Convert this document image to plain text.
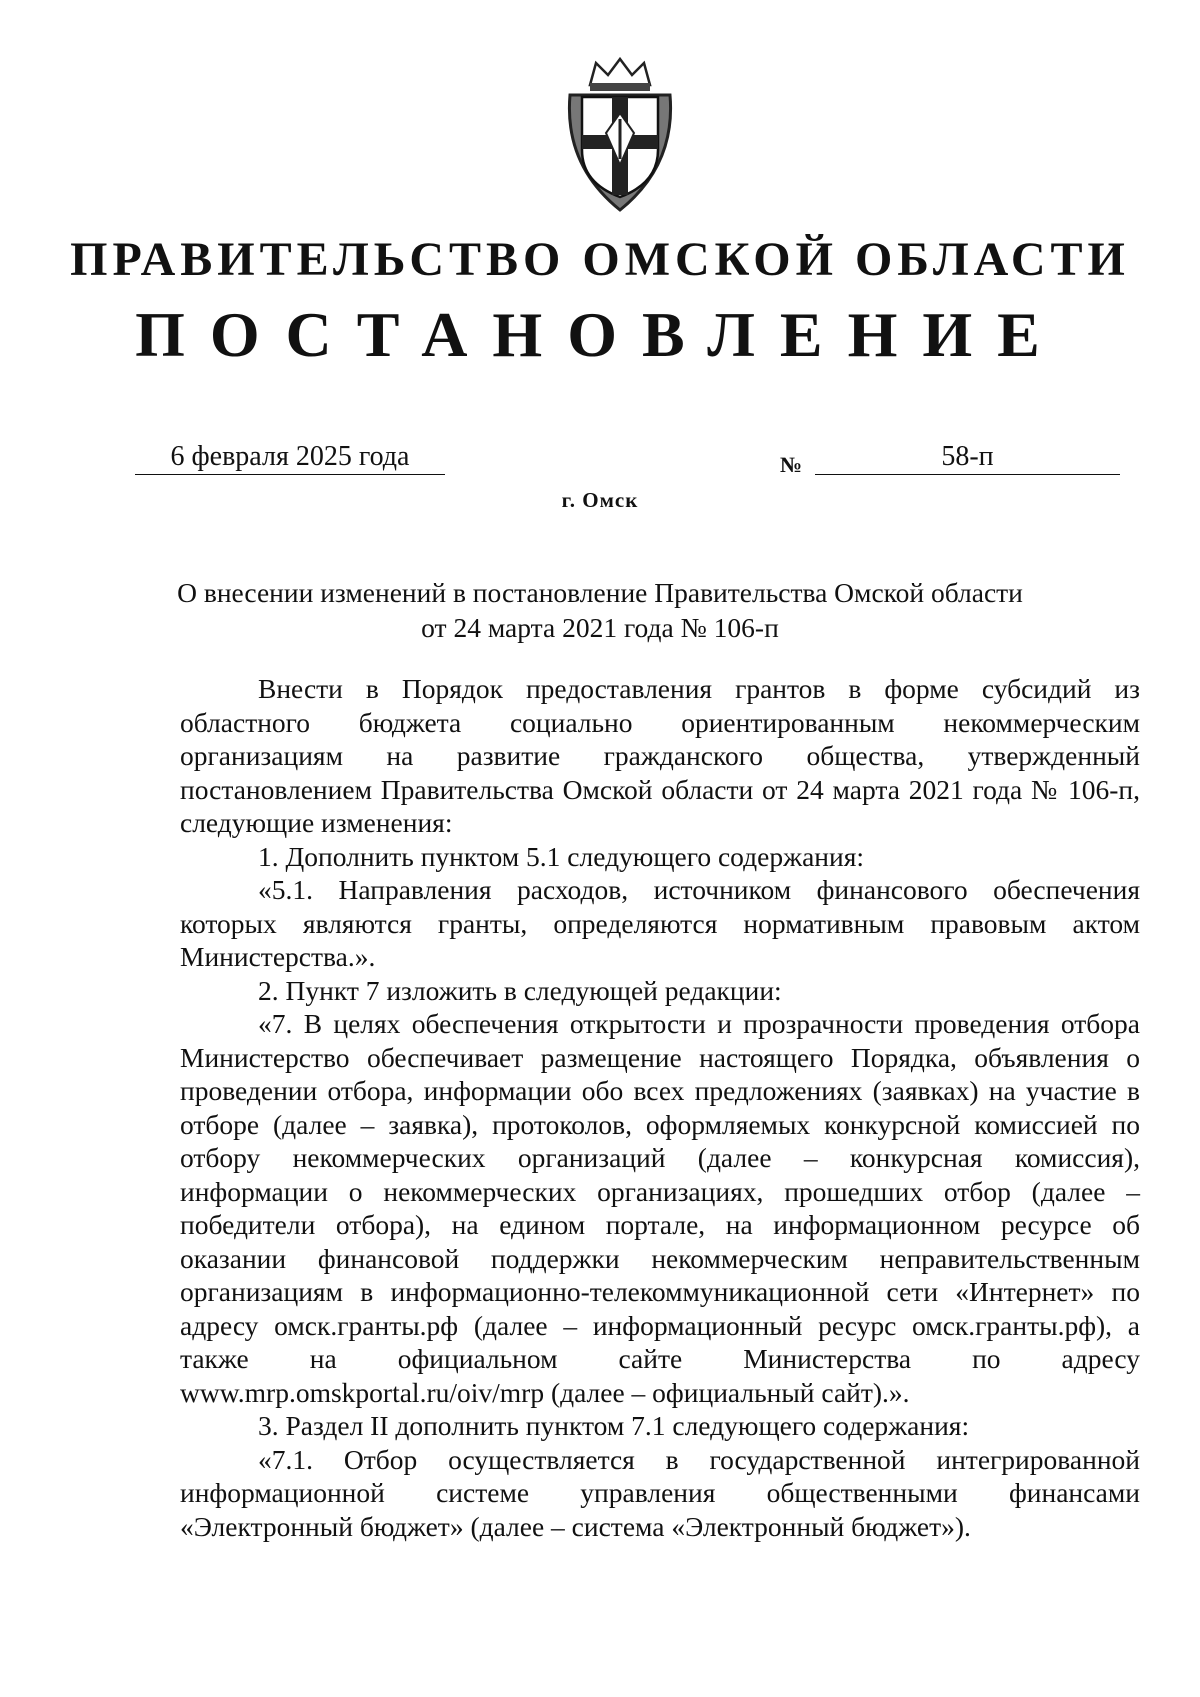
ПРАВИТЕЛЬСТВО ОМСКОЙ ОБЛАСТИ
ПОСТАНОВЛЕНИЕ
6 февраля 2025 года	№	58-п
г. Омск
О внесении изменений в постановление Правительства Омской области
от 24 марта 2021 года № 106-п

Внести в Порядок предоставления грантов в форме субсидий из областного бюджета социально ориентированным некоммерческим организациям на развитие гражданского общества, утвержденный постановлением Правительства Омской области от 24 марта 2021 года № 106-п, следующие изменения:

1. Дополнить пунктом 5.1 следующего содержания:

«5.1. Направления расходов, источником финансового обеспечения которых являются гранты, определяются нормативным правовым актом Министерства.».

2. Пункт 7 изложить в следующей редакции:

«7. В целях обеспечения открытости и прозрачности проведения отбора Министерство обеспечивает размещение настоящего Порядка, объявления о проведении отбора, информации обо всех предложениях (заявках) на участие в отборе (далее – заявка), протоколов, оформляемых конкурсной комиссией по отбору некоммерческих организаций (далее – конкурсная комиссия), информации о некоммерческих организациях, прошедших отбор (далее – победители отбора), на едином портале, на информационном ресурсе об оказании финансовой поддержки некоммерческим неправительственным организациям в информационно-телекоммуникационной сети «Интернет» по адресу омск.гранты.рф (далее – информационный ресурс омск.гранты.рф), а также на официальном сайте Министерства по адресу www.mrp.omskportal.ru/oiv/mrp (далее – официальный сайт).».

3. Раздел II дополнить пунктом 7.1 следующего содержания:

«7.1. Отбор осуществляется в государственной интегрированной информационной системе управления общественными финансами «Электронный бюджет» (далее – система «Электронный бюджет»).
